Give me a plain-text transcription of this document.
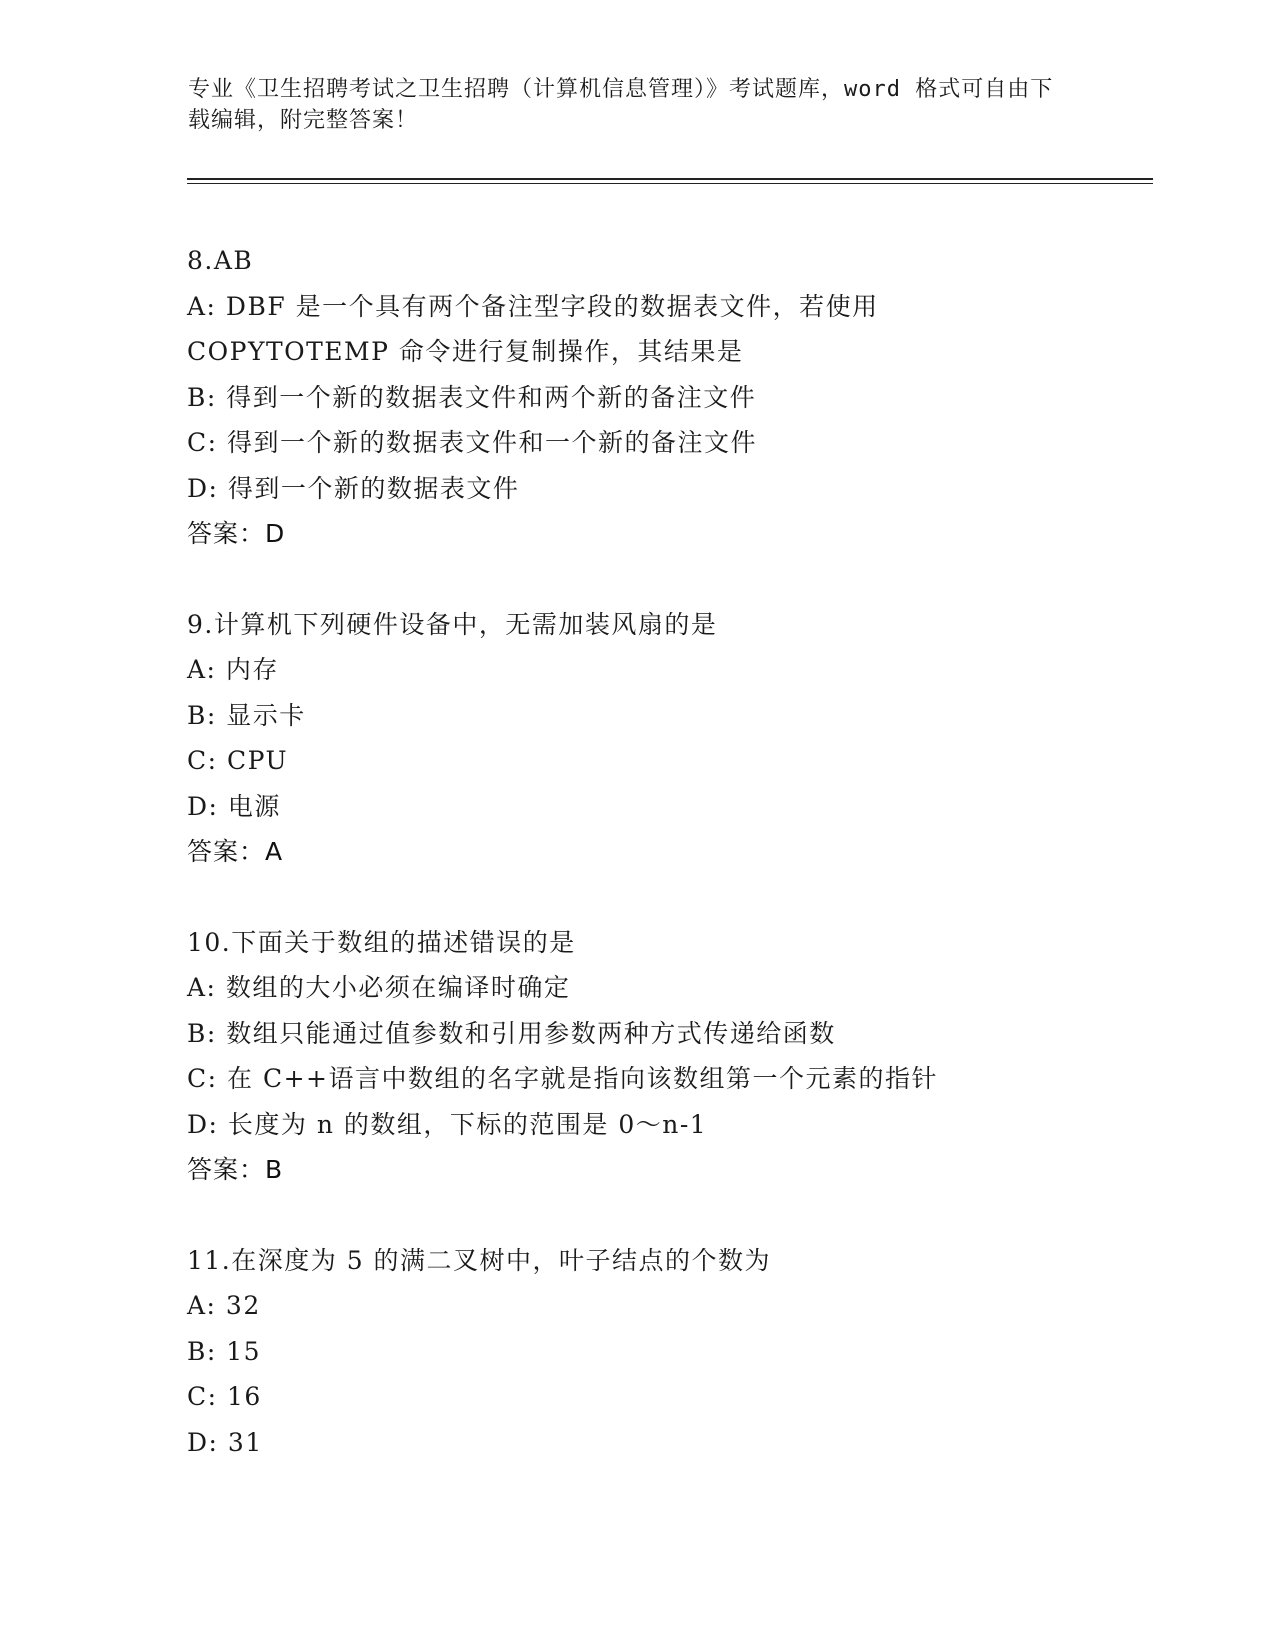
专业《卫生招聘考试之卫生招聘（计算机信息管理）》考试题库，word 格式可自由下载编辑，附完整答案！
8.AB
A: DBF 是一个具有两个备注型字段的数据表文件，若使用 COPYTOTEMP 命令进行复制操作，其结果是
B: 得到一个新的数据表文件和两个新的备注文件
C: 得到一个新的数据表文件和一个新的备注文件
D: 得到一个新的数据表文件
答案：D
9.计算机下列硬件设备中，无需加装风扇的是
A: 内存
B: 显示卡
C: CPU
D: 电源
答案：A
10.下面关于数组的描述错误的是
A: 数组的大小必须在编译时确定
B: 数组只能通过值参数和引用参数两种方式传递给函数
C: 在 C++语言中数组的名字就是指向该数组第一个元素的指针
D: 长度为 n 的数组，下标的范围是 0～n-1
答案：B
11.在深度为 5 的满二叉树中，叶子结点的个数为
A: 32
B: 15
C: 16
D: 31
